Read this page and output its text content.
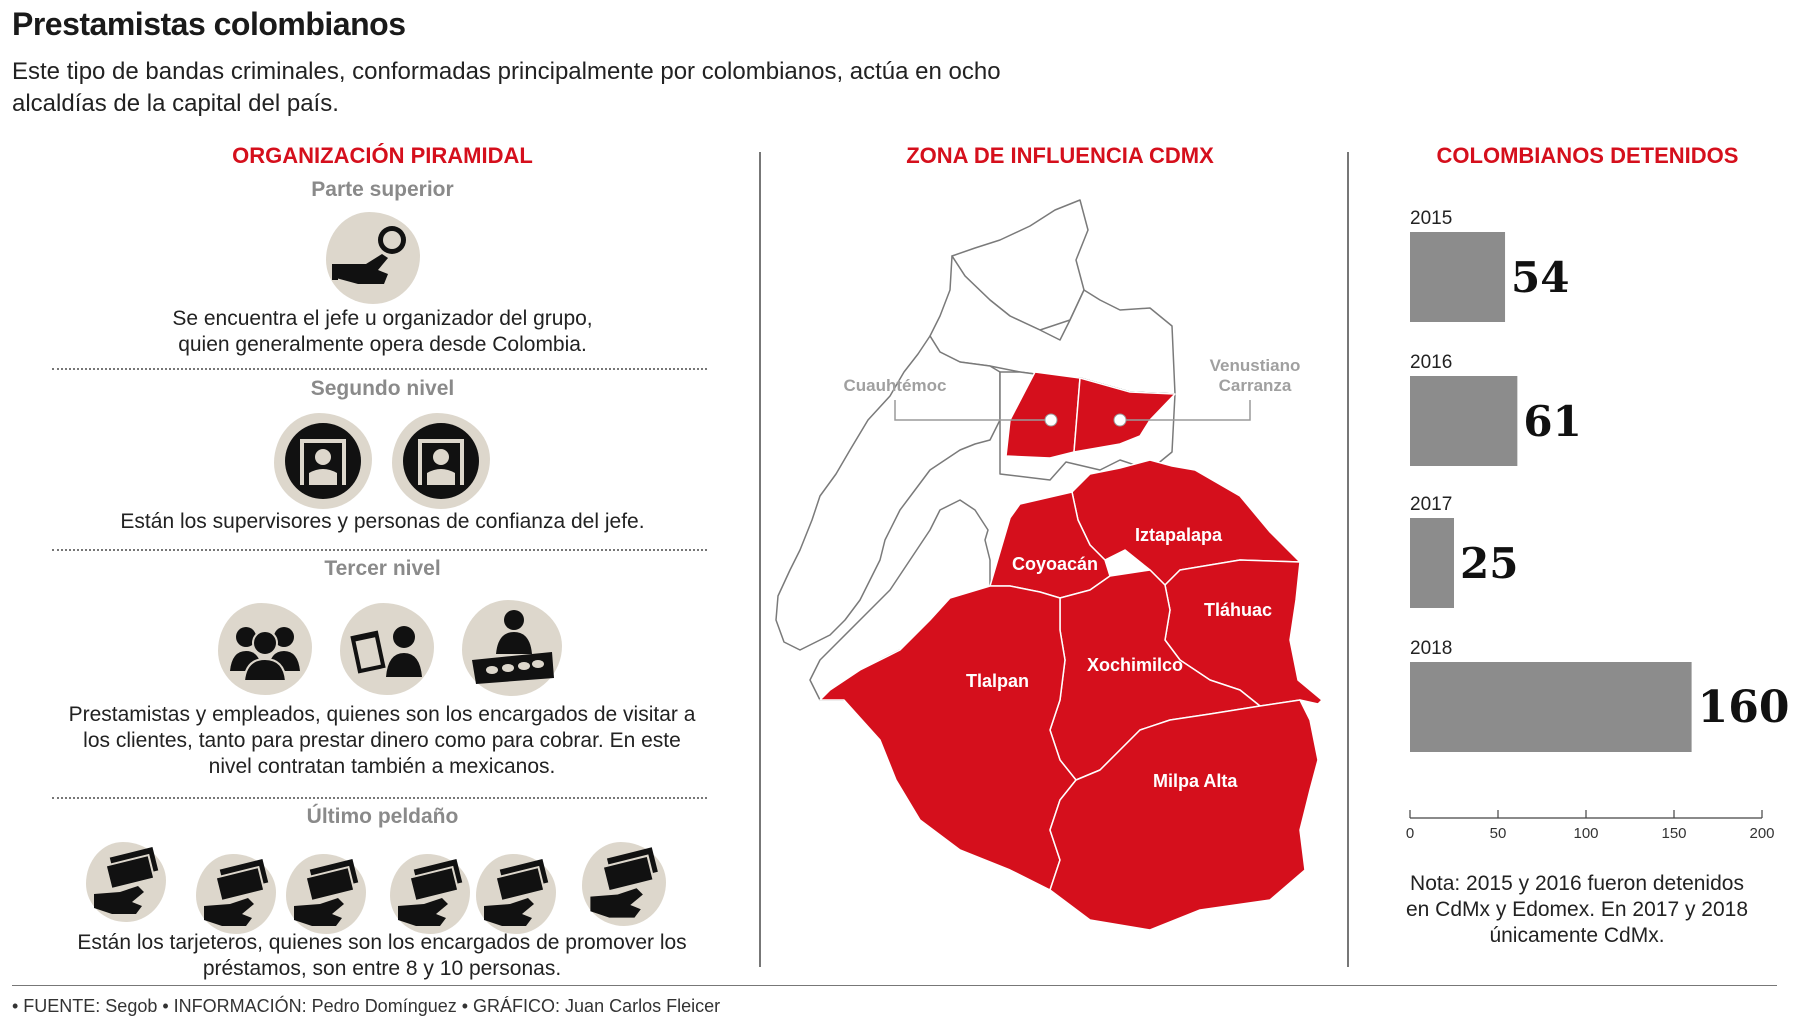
Prestamistas colombianos
Este tipo de bandas criminales, conformadas principalmente por colombianos, actúa en ocho alcaldías de la capital del país.
ORGANIZACIÓN PIRAMIDAL
Parte superior
Se encuentra el jefe u organizador del grupo, quien generalmente opera desde Colombia.
Segundo nivel
Están los supervisores y personas de confianza del jefe.
Tercer nivel
Prestamistas y empleados, quienes son los encargados de visitar a los clientes, tanto para prestar dinero como para cobrar. En este nivel contratan también a mexicanos.
Último peldaño
Están los tarjeteros, quienes son los encargados de promover los préstamos, son entre 8 y 10 personas.
ZONA DE INFLUENCIA CDMX
Cuauhtémoc
Venustiano Carranza
Iztapalapa
Coyoacán
Tláhuac
Xochimilco
Tlalpan
Milpa Alta
COLOMBIANOS DETENIDOS
2015
54
2016
61
2017
25
2018
160
0	50	100	150	200
Nota: 2015 y 2016 fueron detenidos en CdMx y Edomex. En 2017 y 2018 únicamente CdMx.
• FUENTE: Segob • INFORMACIÓN: Pedro Domínguez • GRÁFICO: Juan Carlos Fleicer
